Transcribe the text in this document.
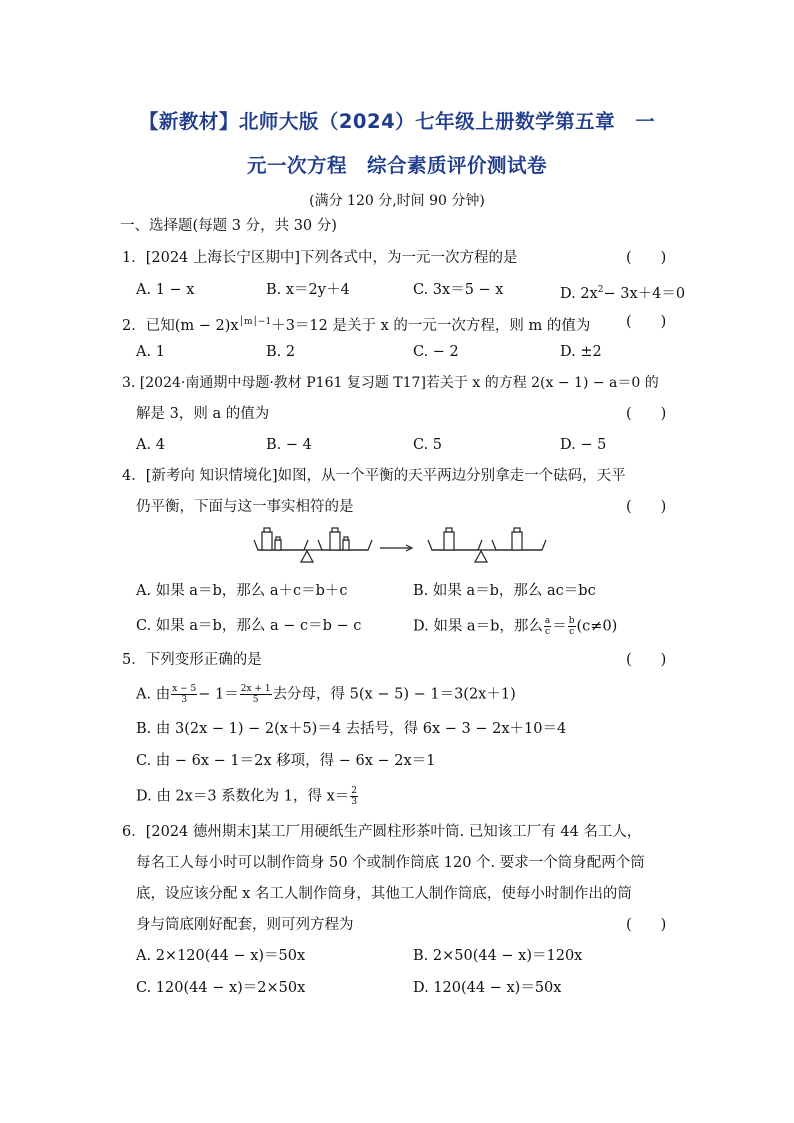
【新教材】北师大版（2024）七年级上册数学第五章　一
元一次方程　综合素质评价测试卷
(满分 120 分,时间 90 分钟)
一、选择题(每题 3 分，共 30 分)
1．[2024 上海长宁区期中]下列各式中，为一元一次方程的是	(　　)
A. 1 − x	B. x＝2y＋4	C. 3x＝5 − x	D. $2x^2- 3x+4=0$
2．已知$(m - 2)x^{│m│-1}+3=12$ 是关于 x 的一元一次方程，则 m 的值为 (　　)
A. 1	B. 2	C. − 2	D. ±2
3. [2024·南通期中母题·教材 P161 复习题 T17]若关于 x 的方程 2(x − 1) − a＝0 的
解是 3，则 a 的值为	(　　)
A. 4	B. − 4	C. 5	D. − 5
4．[新考向 知识情境化]如图，从一个平衡的天平两边分别拿走一个砝码，天平
仍平衡，下面与这一事实相符的是	(　　)
A. 如果 a＝b，那么 a＋c＝b＋c	B. 如果 a＝b，那么 ac＝bc
C. 如果 a＝b，那么 a − c＝b − c	D. 如果 a＝b，那么 $\frac{a}{c} = \frac{b}{c} (c\ne 0)$
5．下列变形正确的是	(　　)
A. 由 $\frac{x - 5}{3} - 1= \frac{2x + 1}{5}$ 去分母，得 5(x − 5) − 1＝3(2x＋1)
B. 由 3(2x − 1) − 2(x＋5)＝4 去括号，得 6x − 3 − 2x＋10＝4
C. 由 − 6x − 1＝2x 移项，得 − 6x − 2x＝1
D. 由 2x＝3 系数化为 1，得 $x= \frac{2}{3}$
6．[2024 德州期末]某工厂用硬纸生产圆柱形茶叶筒. 已知该工厂有 44 名工人，
每名工人每小时可以制作筒身 50 个或制作筒底 120 个. 要求一个筒身配两个筒
底，设应该分配 x 名工人制作筒身，其他工人制作筒底，使每小时制作出的筒
身与筒底刚好配套，则可列方程为	(　　)
A. 2×120(44 − x)＝50x	B. 2×50(44 − x)＝120x
C. 120(44 − x)＝2×50x	D. 120(44 − x)＝50x
